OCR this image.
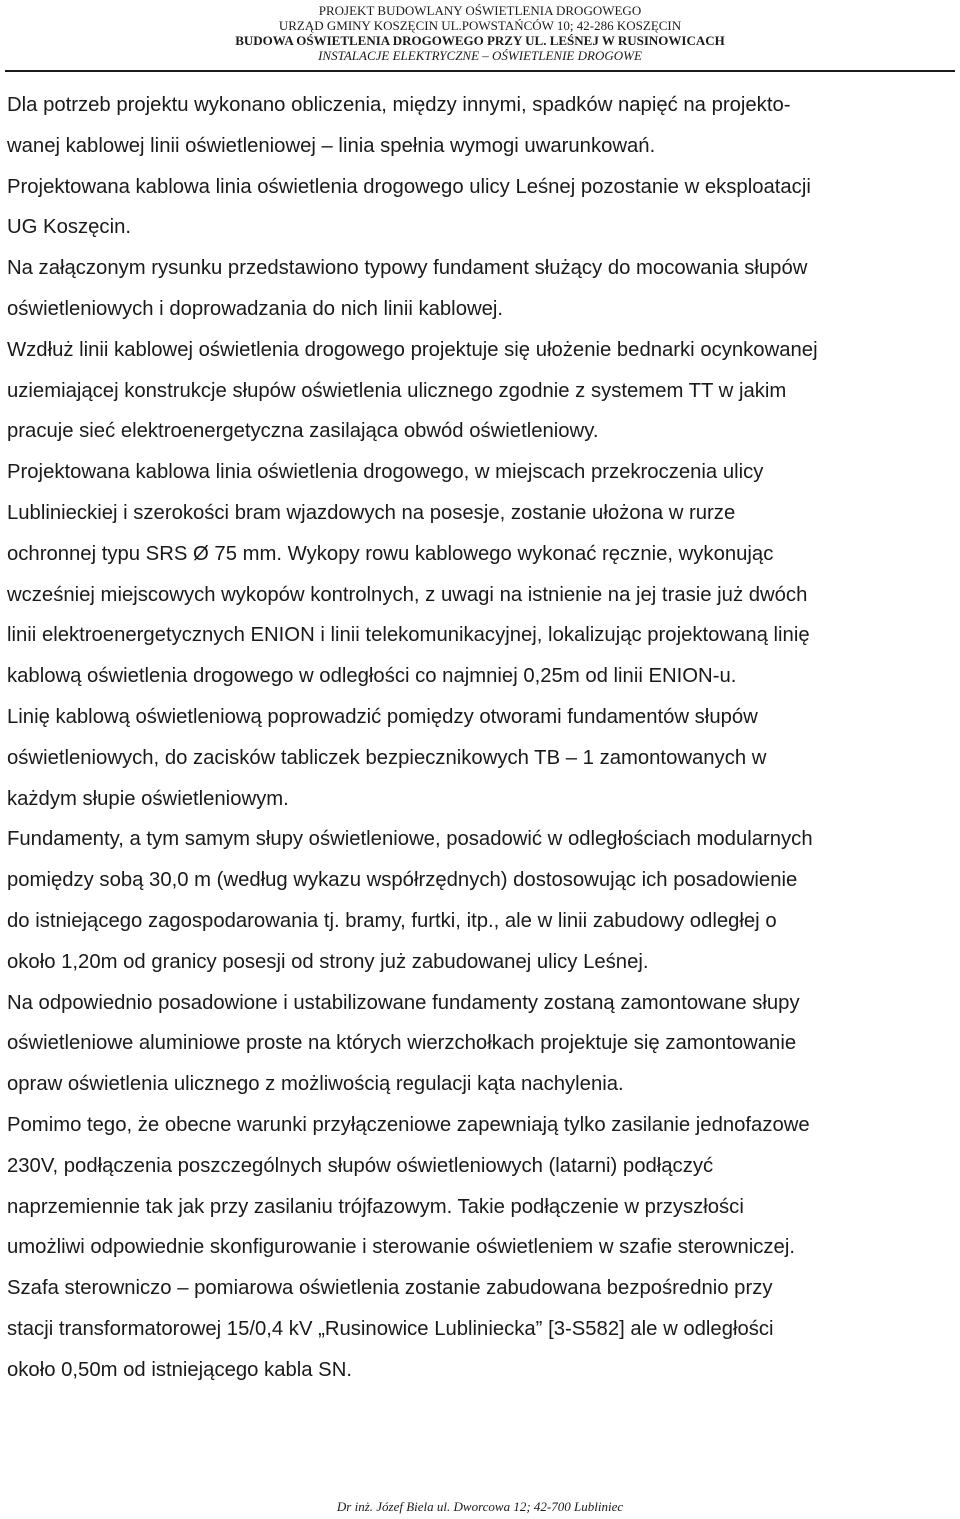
PROJEKT BUDOWLANY OŚWIETLENIA DROGOWEGO
URZĄD GMINY KOSZĘCIN UL.POWSTAŃCÓW 10; 42-286 KOSZĘCIN
BUDOWA OŚWIETLENIA DROGOWEGO PRZY UL. LEŚNEJ W RUSINOWICACH
INSTALACJE ELEKTRYCZNE – OŚWIETLENIE DROGOWE

Dla potrzeb projektu wykonano obliczenia, między innymi, spadków napięć na projekto-

wanej kablowej linii oświetleniowej – linia spełnia wymogi uwarunkowań.

Projektowana kablowa linia oświetlenia drogowego ulicy Leśnej pozostanie w eksploatacji

UG Koszęcin.

Na załączonym rysunku przedstawiono typowy fundament służący do mocowania słupów

oświetleniowych i doprowadzania do nich linii kablowej.

Wzdłuż linii kablowej oświetlenia drogowego projektuje się ułożenie bednarki ocynkowanej

uziemiającej konstrukcje słupów oświetlenia ulicznego zgodnie z systemem TT w jakim

pracuje sieć elektroenergetyczna zasilająca obwód oświetleniowy.

Projektowana kablowa linia oświetlenia drogowego, w miejscach przekroczenia ulicy

Lublinieckiej i szerokości bram wjazdowych na posesje, zostanie ułożona w rurze

ochronnej typu SRS Ø 75 mm. Wykopy rowu kablowego wykonać ręcznie, wykonując

wcześniej miejscowych wykopów kontrolnych, z uwagi na istnienie na jej trasie już dwóch

linii elektroenergetycznych ENION i linii telekomunikacyjnej, lokalizując projektowaną linię

kablową oświetlenia drogowego w odległości co najmniej 0,25m od linii ENION-u.

Linię kablową oświetleniową poprowadzić pomiędzy otworami fundamentów słupów

oświetleniowych, do zacisków tabliczek bezpiecznikowych TB – 1 zamontowanych w

każdym słupie oświetleniowym.

Fundamenty, a tym samym słupy oświetleniowe, posadowić w odległościach modularnych

pomiędzy sobą 30,0 m (według wykazu współrzędnych) dostosowując ich posadowienie

do istniejącego zagospodarowania tj. bramy, furtki, itp., ale w linii zabudowy odległej o

około 1,20m od granicy posesji od strony już zabudowanej ulicy Leśnej.

Na odpowiednio posadowione i ustabilizowane fundamenty zostaną zamontowane słupy

oświetleniowe aluminiowe proste na których wierzchołkach projektuje się zamontowanie

opraw oświetlenia ulicznego z możliwością regulacji kąta nachylenia.

Pomimo tego, że obecne warunki przyłączeniowe zapewniają tylko zasilanie jednofazowe

230V, podłączenia poszczególnych słupów oświetleniowych (latarni) podłączyć

naprzemiennie tak jak przy zasilaniu trójfazowym. Takie podłączenie w przyszłości

umożliwi odpowiednie skonfigurowanie i sterowanie oświetleniem w szafie sterowniczej.

Szafa sterowniczo – pomiarowa oświetlenia zostanie zabudowana bezpośrednio przy

stacji transformatorowej 15/0,4 kV „Rusinowice Lubliniecka” [3-S582] ale w odległości

około 0,50m od istniejącego kabla SN.

Dr inż. Józef Biela ul. Dworcowa 12; 42-700 Lubliniec
